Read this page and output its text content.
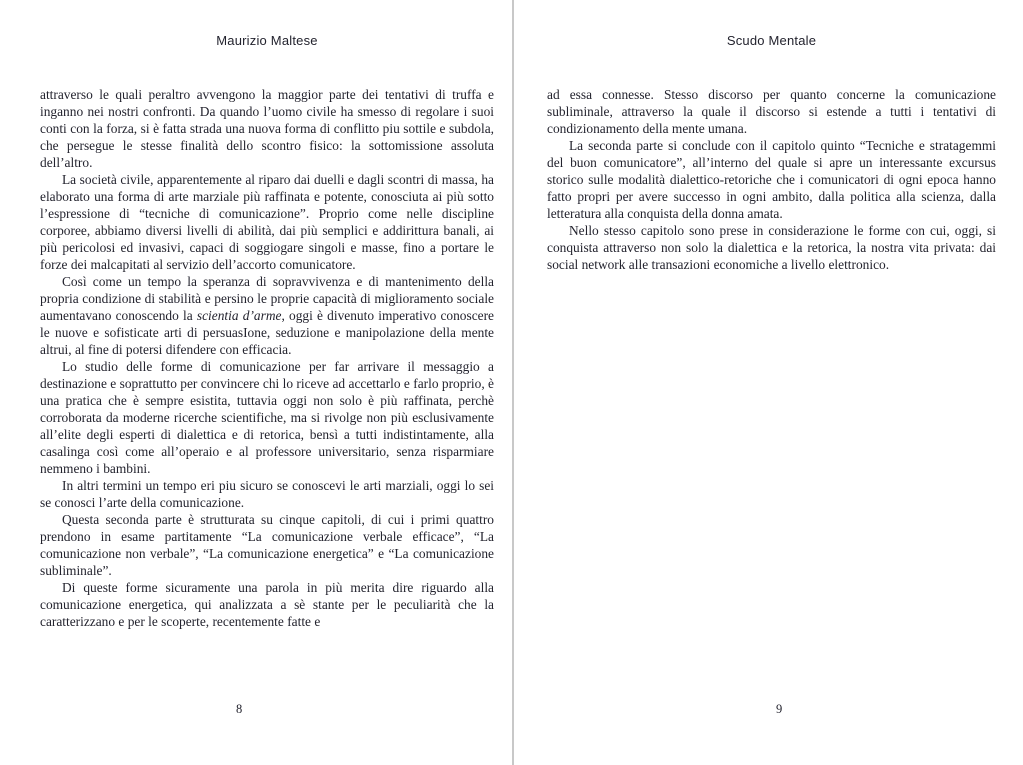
Maurizio Maltese

attraverso le quali peraltro avvengono la maggior parte dei tentativi di truffa e inganno nei nostri confronti. Da quando l’uomo civile ha smesso di regolare i suoi conti con la forza, si è fatta strada una nuova forma di conflitto piu sottile e subdola, che persegue le stesse finalità dello scontro fisico: la sottomissione assoluta dell’altro.

La società civile, apparentemente al riparo dai duelli e dagli scontri di massa, ha elaborato una forma di arte marziale più raffinata e potente, conosciuta ai più sotto l’espressione di “tecniche di comunicazione”. Proprio come nelle discipline corporee, abbiamo diversi livelli di abilità, dai più semplici e addirittura banali, ai più pericolosi ed invasivi, capaci di soggiogare singoli e masse, fino a portare le forze dei malcapitati al servizio dell’accorto comunicatore.

Così come un tempo la speranza di sopravvivenza e di mantenimento della propria condizione di stabilità e persino le proprie capacità di miglioramento sociale aumentavano conoscendo la scientia d’arme, oggi è divenuto imperativo conoscere le nuove e sofisticate arti di persuasIone, seduzione e manipolazione della mente altrui, al fine di potersi difendere con efficacia.

Lo studio delle forme di comunicazione per far arrivare il messaggio a destinazione e soprattutto per convincere chi lo riceve ad accettarlo e farlo proprio, è una pratica che è sempre esistita, tuttavia oggi non solo è più raffinata, perchè corroborata da moderne ricerche scientifiche, ma si rivolge non più esclusivamente all’elite degli esperti di dialettica e di retorica, bensì a tutti indistintamente, alla casalinga così come all’operaio e al professore universitario, senza risparmiare nemmeno i bambini.

In altri termini un tempo eri piu sicuro se conoscevi le arti marziali, oggi lo sei se conosci l’arte della comunicazione.

Questa seconda parte è strutturata su cinque capitoli, di cui i primi quattro prendono in esame partitamente “La comunicazione verbale efficace”, “La comunicazione non verbale”, “La comunicazione energetica” e “La comunicazione subliminale”.

Di queste forme sicuramente una parola in più merita dire riguardo alla comunicazione energetica, qui analizzata a sè stante per le peculiarità che la caratterizzano e per le scoperte, recentemente fatte e

8
Scudo Mentale

ad essa connesse. Stesso discorso per quanto concerne la comunicazione subliminale, attraverso la quale il discorso si estende a tutti i tentativi di condizionamento della mente umana.

La seconda parte si conclude con il capitolo quinto “Tecniche e stratagemmi del buon comunicatore”, all’interno del quale si apre un interessante excursus storico sulle modalità dialettico-retoriche che i comunicatori di ogni epoca hanno fatto propri per avere successo in ogni ambito, dalla politica alla scienza, dalla letteratura alla conquista della donna amata.

Nello stesso capitolo sono prese in considerazione le forme con cui, oggi, si conquista attraverso non solo la dialettica e la retorica, la nostra vita privata: dai social network alle transazioni economiche a livello elettronico.

9
